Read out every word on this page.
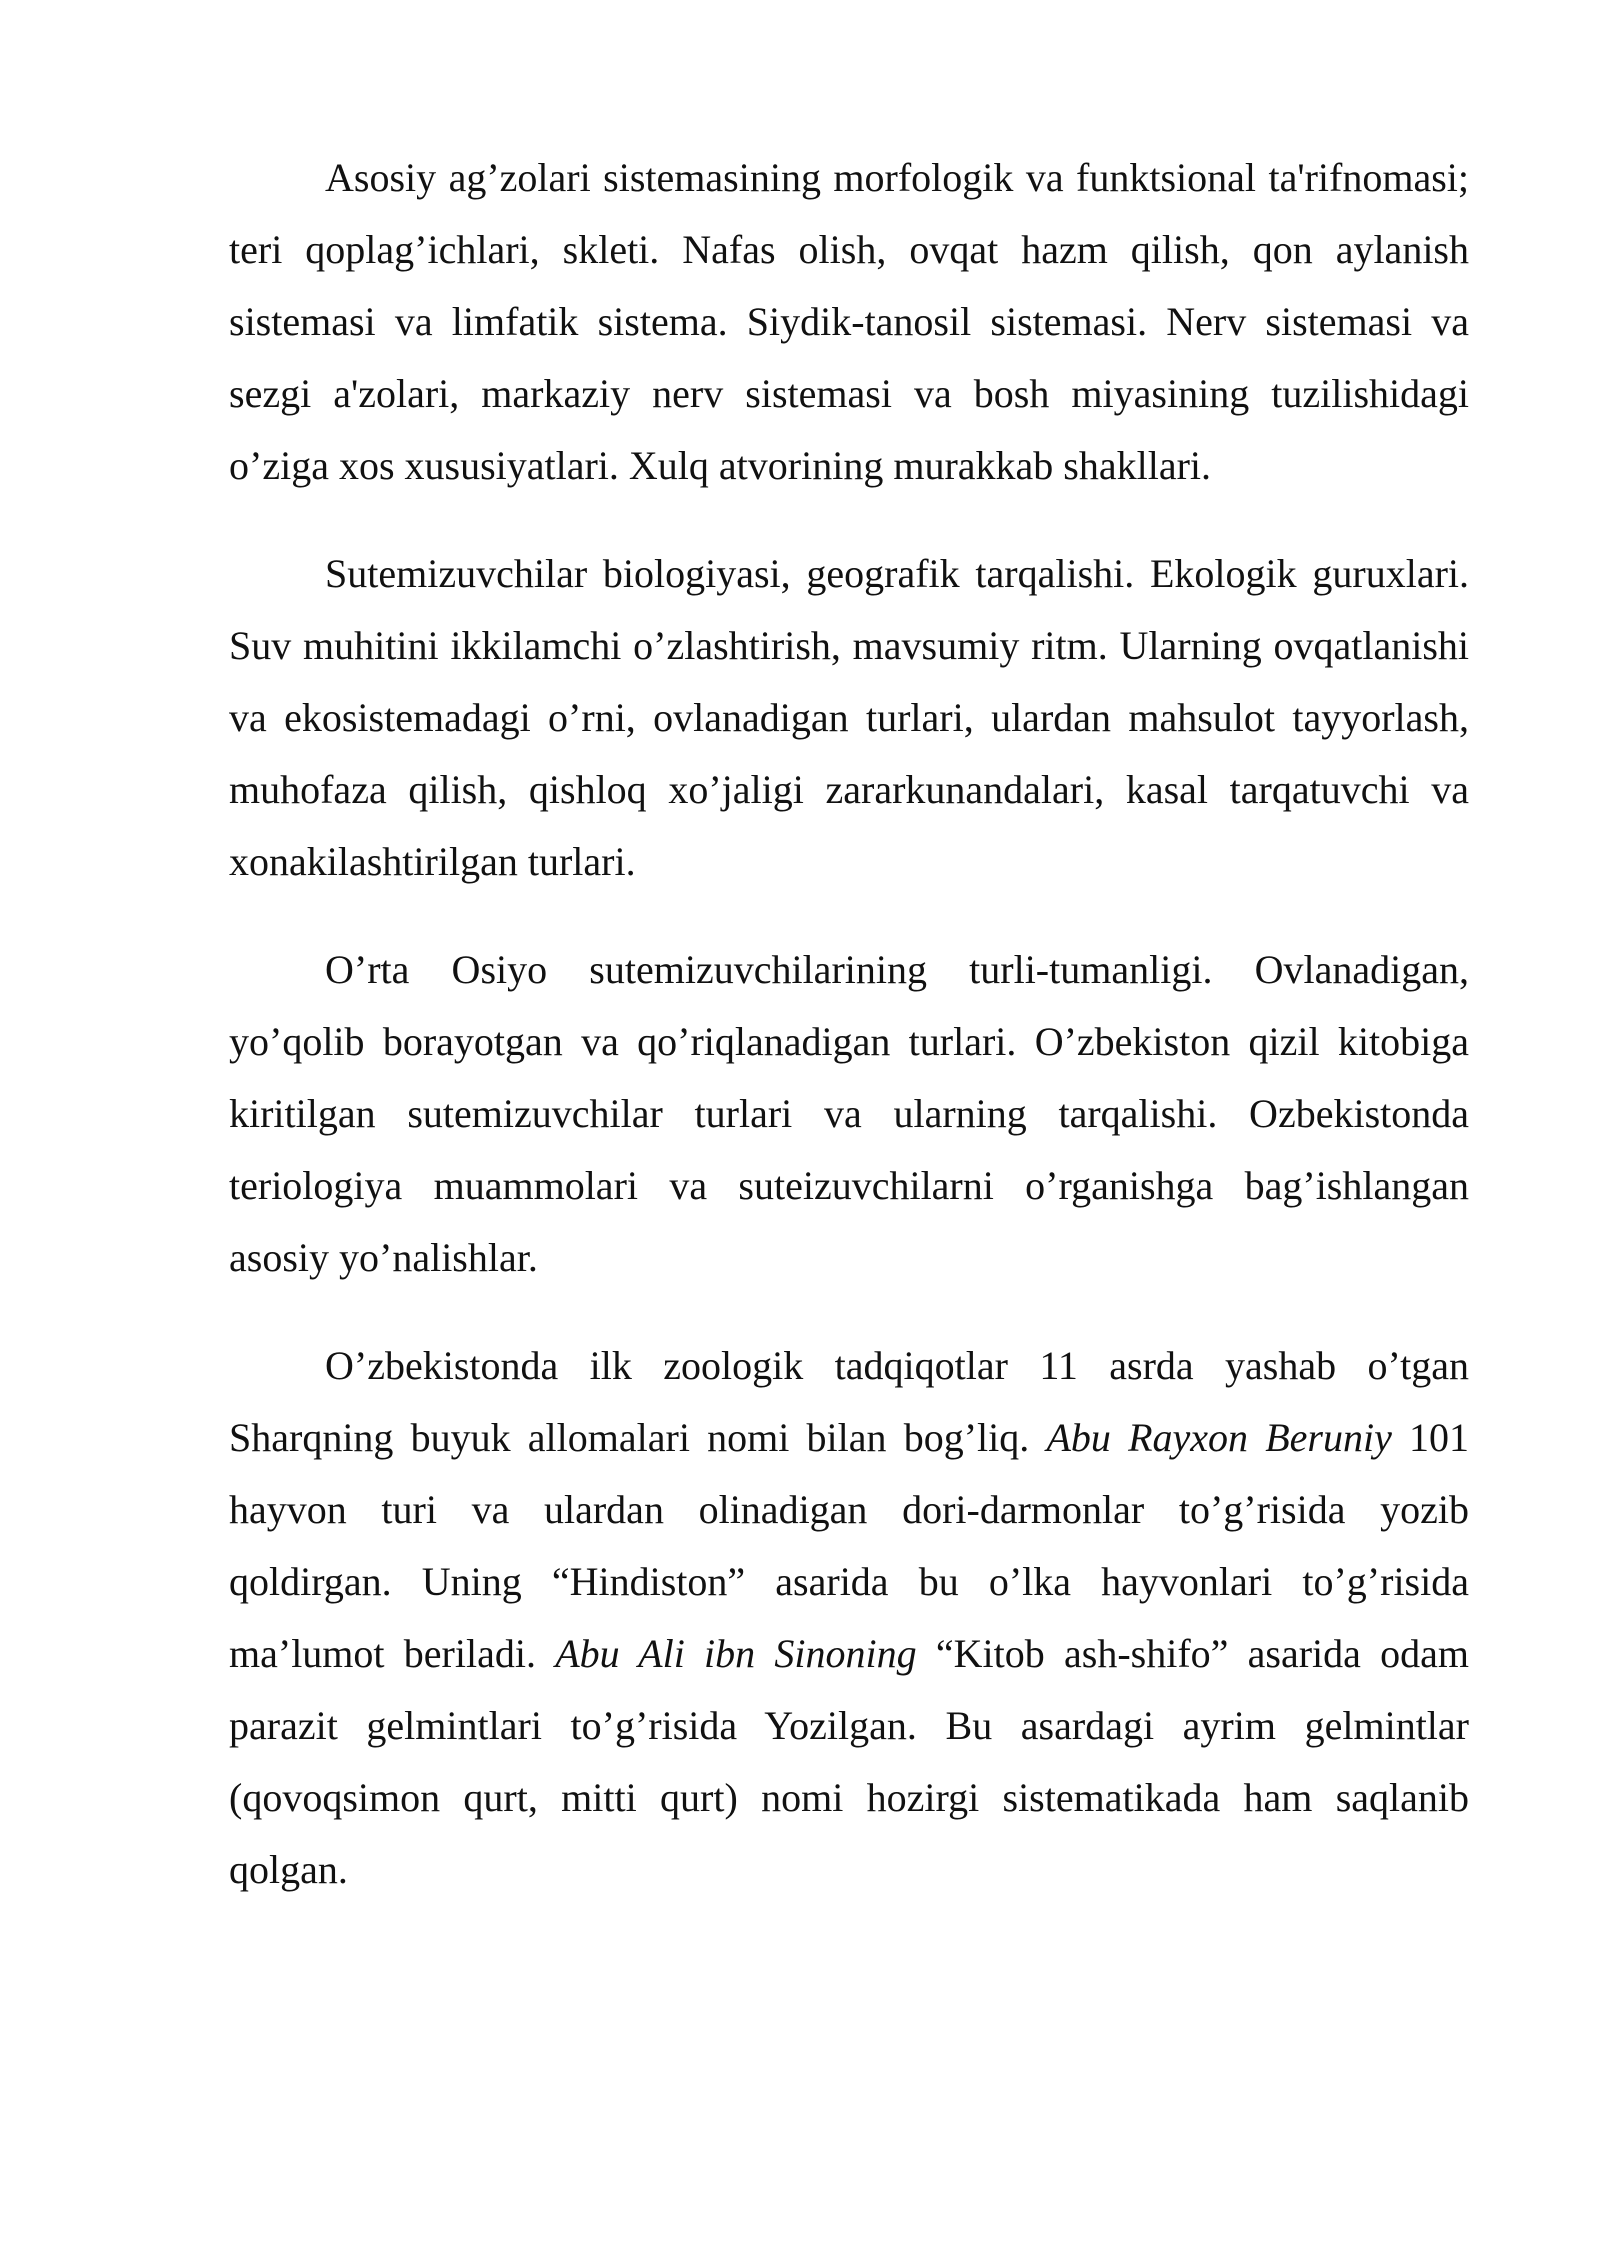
Asosiy ag’zolari sistemasining morfologik va funktsional ta'rifnomasi; teri qoplag’ichlari, skleti. Nafas olish, ovqat hazm qilish, qon aylanish sistemasi va limfatik sistema. Siydik-tanosil sistemasi. Nerv sistemasi va sezgi a'zolari, markaziy nerv sistemasi va bosh miyasining tuzilishidagi o’ziga xos xususiyatlari. Xulq atvorining murakkab shakllari.

Sutemizuvchilar biologiyasi, geografik tarqalishi. Ekologik guruxlari. Suv muhitini ikkilamchi o’zlashtirish, mavsumiy ritm. Ularning ovqatlanishi va ekosistemadagi o’rni, ovlanadigan turlari, ulardan mahsulot tayyorlash, muhofaza qilish, qishloq xo’jaligi zararkunandalari, kasal tarqatuvchi va xonakilashtirilgan turlari.

O’rta Osiyo sutemizuvchilarining turli-tumanligi. Ovlanadigan, yo’qolib borayotgan va qo’riqlanadigan turlari. O’zbekiston qizil kitobiga kiritilgan sutemizuvchilar turlari va ularning tarqalishi. Ozbekistonda teriologiya muammolari va suteizuvchilarni o’rganishga bag’ishlangan asosiy yo’nalishlar.

O’zbekistonda ilk zoologik tadqiqotlar 11 asrda yashab o’tgan Sharqning buyuk allomalari nomi bilan bog’liq. Abu Rayxon Beruniy 101 hayvon turi va ulardan olinadigan dori-darmonlar to’g’risida yozib qoldirgan. Uning “Hindiston” asarida bu o’lka hayvonlari to’g’risida ma’lumot beriladi. Abu Ali ibn Sinoning “Kitob ash-shifo” asarida odam parazit gelmintlari to’g’risida Yozilgan. Bu asardagi ayrim gelmintlar (qovoqsimon qurt, mitti qurt) nomi hozirgi sistematikada ham saqlanib qolgan.
